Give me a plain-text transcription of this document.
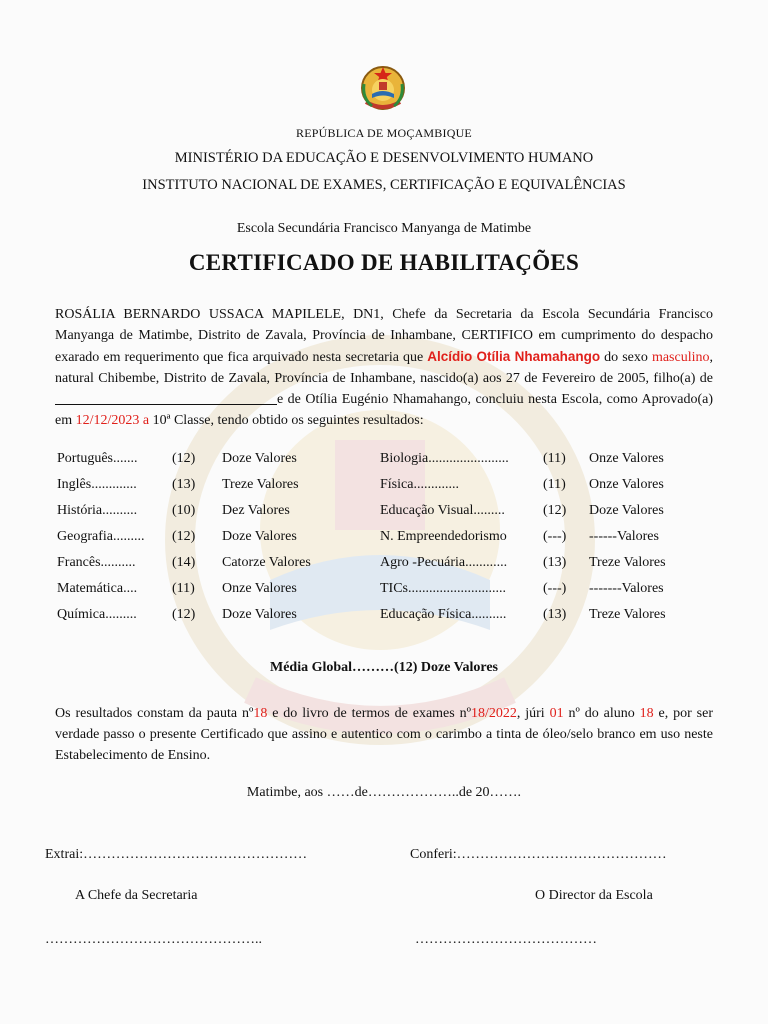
REPÚBLICA DE MOÇAMBIQUE
MINISTÉRIO DA EDUCAÇÃO E DESENVOLVIMENTO HUMANO
INSTITUTO NACIONAL DE EXAMES, CERTIFICAÇÃO E EQUIVALÊNCIAS
Escola Secundária Francisco Manyanga de Matimbe
CERTIFICADO DE HABILITAÇÕES
ROSÁLIA BERNARDO USSACA MAPILELE, DN1, Chefe da Secretaria da Escola Secundária Francisco Manyanga de Matimbe, Distrito de Zavala, Província de Inhambane, CERTIFICO em cumprimento do despacho exarado em requerimento que fica arquivado nesta secretaria que Alcídio Otília Nhamahango do sexo masculino, natural Chibembe, Distrito de Zavala, Província de Inhambane, nascido(a) aos 27 de Fevereiro de 2005, filho(a) de e de Otília Eugénio Nhamahango, concluiu nesta Escola, como Aprovado(a) em 12/12/2023 a 10ª Classe, tendo obtido os seguintes resultados:
Português....... (12) Doze Valores	Biologia....................... (11) Onze Valores
Inglês.............	(13) Treze Valores	Física.............	(11) Onze Valores
História.......... (10) Dez Valores	Educação Visual.........	(12) Doze Valores
Geografia......... (12) Doze Valores	N. Empreendedorismo	(---) ------Valores
Francês..........	(14) Catorze Valores	Agro -Pecuária............	(13) Treze Valores
Matemática.... (11) Onze Valores	TICs............................	(---) -------Valores
Química.........	(12) Doze Valores	Educação Física..........	(13) Treze Valores
Média Global………(12) Doze Valores
Os resultados constam da pauta nº18 e do livro de termos de exames nº18/2022, júri 01 nº do aluno 18 e, por ser verdade passo o presente Certificado que assino e autentico com o carimbo a tinta de óleo/selo branco em uso neste Estabelecimento de Ensino.
Matimbe, aos ……de………………..de 20…….
Extrai:…………………………………………	Conferi:………………………………………
A Chefe da Secretaria	O Director da Escola
………………………………………..	…………………………………
